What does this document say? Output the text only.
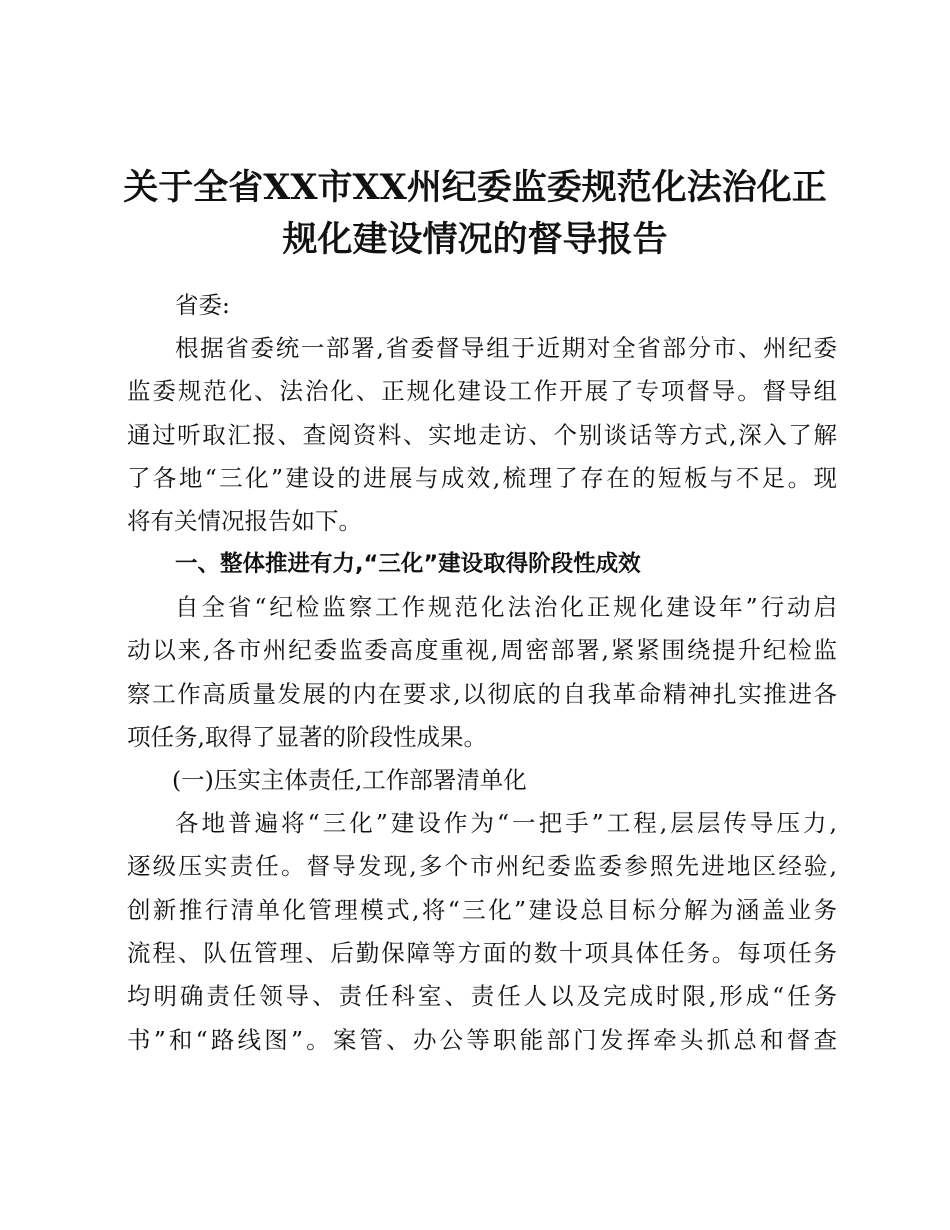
关于全省XX市XX州纪委监委规范化法治化正
规化建设情况的督导报告
省委:
根据省委统一部署,省委督导组于近期对全省部分市、州纪委
监委规范化、法治化、正规化建设工作开展了专项督导。督导组
通过听取汇报、查阅资料、实地走访、个别谈话等方式,深入了解
了各地“三化”建设的进展与成效,梳理了存在的短板与不足。现
将有关情况报告如下。
一、整体推进有力,“三化”建设取得阶段性成效
自全省“纪检监察工作规范化法治化正规化建设年”行动启
动以来,各市州纪委监委高度重视,周密部署,紧紧围绕提升纪检监
察工作高质量发展的内在要求,以彻底的自我革命精神扎实推进各
项任务,取得了显著的阶段性成果。
(一)压实主体责任,工作部署清单化
各地普遍将“三化”建设作为“一把手”工程,层层传导压力,
逐级压实责任。督导发现,多个市州纪委监委参照先进地区经验,
创新推行清单化管理模式,将“三化”建设总目标分解为涵盖业务
流程、队伍管理、后勤保障等方面的数十项具体任务。每项任务
均明确责任领导、责任科室、责任人以及完成时限,形成“任务
书”和“路线图”。案管、办公等职能部门发挥牵头抓总和督查
